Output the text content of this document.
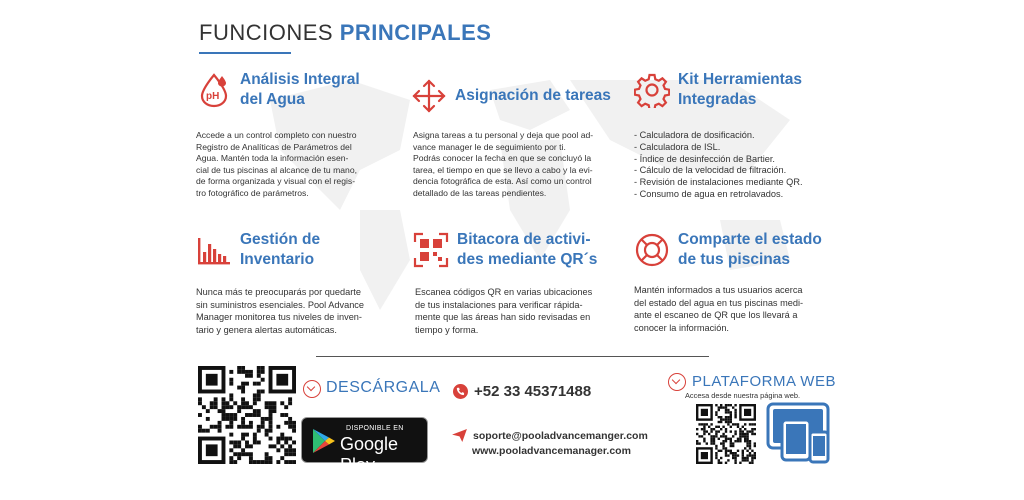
FUNCIONES PRINCIPALES
pH
Análisis Integral
del Agua
Accede a un control completo con nuestro
Registro de Analíticas de Parámetros del
Agua. Mantén toda la información esen-
cial de tus piscinas al alcance de tu mano,
de forma organizada y visual con el regis-
tro fotográfico de parámetros.
Asignación de tareas
Asigna tareas a tu personal y deja que pool ad-
vance manager le de seguimiento por ti.
Podrás conocer la fecha en que se concluyó la
tarea, el tiempo en que se llevo a cabo y la evi-
dencia fotográfica de esta. Así como un control
detallado de las tareas pendientes.
Kit Herramientas
Integradas
- Calculadora de dosificación.
- Calculadora de ISL.
- Índice de desinfección de Bartier.
- Cálculo de la velocidad de filtración.
- Revisión de instalaciones mediante QR.
- Consumo de agua en retrolavados.
Gestión de
Inventario
Nunca más te preocuparás por quedarte
sin suministros esenciales. Pool Advance
Manager monitorea tus niveles de inven-
tario y genera alertas automáticas.
Bitacora de activi-
des mediante QR´s
Escanea códigos QR en varias ubicaciones
de tus instalaciones para verificar rápida-
mente que las áreas han sido revisadas en
tiempo y forma.
Comparte el estado
de tus piscinas
Mantén informados a tus usuarios acerca
del estado del agua en tus piscinas medi-
ante el escaneo de QR que los llevará a
conocer la información.
DESCÁRGALA
DISPONIBLE EN
Google Play
+52 33 45371488
soporte@pooladvancemanger.com
www.pooladvancemanager.com
PLATAFORMA WEB
Accesa desde nuestra página web.
